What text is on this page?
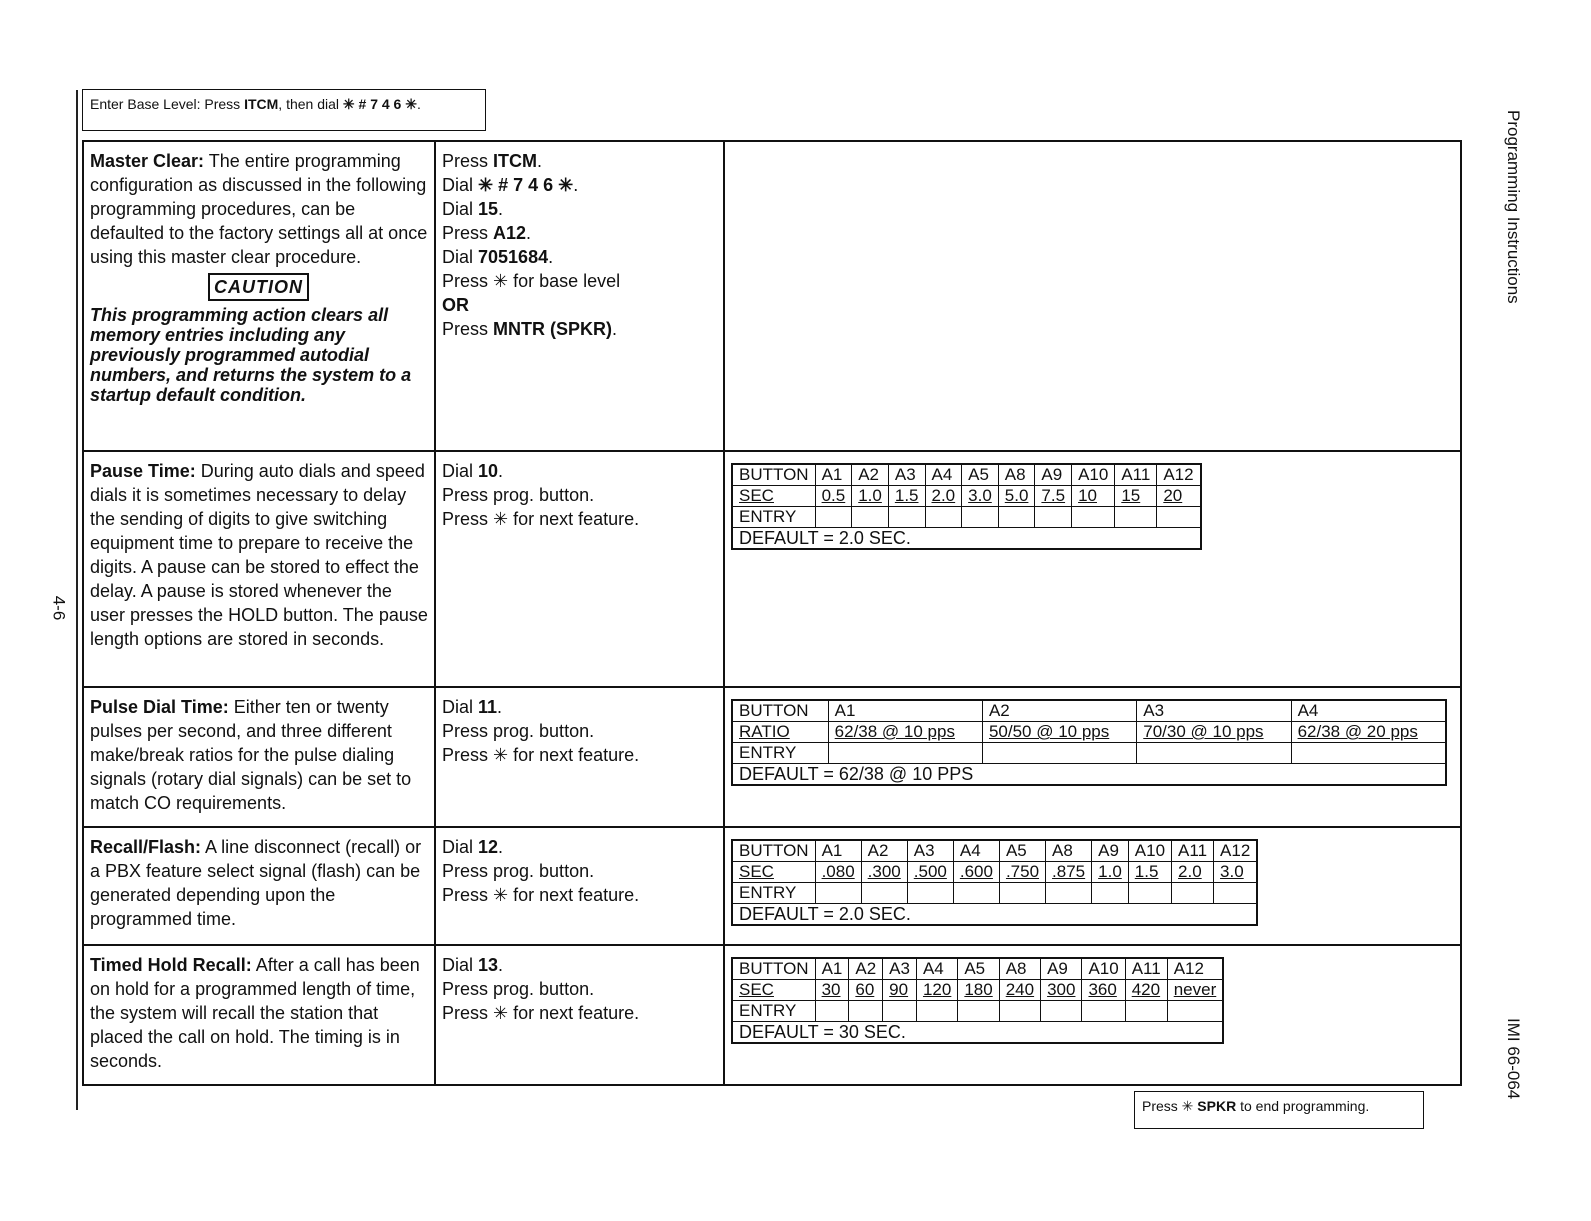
4-6
Programming Instructions
IMI 66-064
Enter Base Level: Press ITCM, then dial ✳ # 7 4 6 ✳.
Master Clear: The entire programming configuration as discussed in the following programming procedures, can be defaulted to the factory settings all at once using this master clear procedure.
CAUTION
This programming action clears all memory entries including any previously programmed autodial numbers, and returns the system to a startup default condition.

Press ITCM.
Dial ✳ # 7 4 6 ✳.
Dial 15.
Press A12.
Dial 7051684.
Press ✳ for base level
OR
Press MNTR (SPKR).

Pause Time: During auto dials and speed dials it is sometimes necessary to delay the sending of digits to give switching equipment time to prepare to receive the digits. A pause can be stored to effect the delay. A pause is stored whenever the user presses the HOLD button. The pause length options are stored in seconds.	
Dial 10.
Press prog. button.
Press ✳ for next feature.

BUTTON	A1	A2	A3	A4	A5	A8	A9	A10	A11	A12
SEC	0.5	1.0	1.5	2.0	3.0	5.0	7.5	10	15	20
ENTRY										
DEFAULT = 2.0 SEC.

Pulse Dial Time: Either ten or twenty pulses per second, and three different make/break ratios for the pulse dialing signals (rotary dial signals) can be set to match CO requirements.	
Dial 11.
Press prog. button.
Press ✳ for next feature.

BUTTON	A1	A2	A3	A4
RATIO	62/38 @ 10 pps	50/50 @ 10 pps	70/30 @ 10 pps	62/38 @ 20 pps
ENTRY				
DEFAULT = 62/38 @ 10 PPS

Recall/Flash: A line disconnect (recall) or a PBX feature select signal (flash) can be generated depending upon the programmed time.	
Dial 12.
Press prog. button.
Press ✳ for next feature.

BUTTON	A1	A2	A3	A4	A5	A8	A9	A10	A11	A12
SEC	.080	.300	.500	.600	.750	.875	1.0	1.5	2.0	3.0
ENTRY										
DEFAULT = 2.0 SEC.

Timed Hold Recall: After a call has been on hold for a programmed length of time, the system will recall the station that placed the call on hold. The timing is in seconds.	
Dial 13.
Press prog. button.
Press ✳ for next feature.

BUTTON	A1	A2	A3	A4	A5	A8	A9	A10	A11	A12
SEC	30	60	90	120	180	240	300	360	420	never
ENTRY										
DEFAULT = 30 SEC.
Press ✳ SPKR to end programming.
